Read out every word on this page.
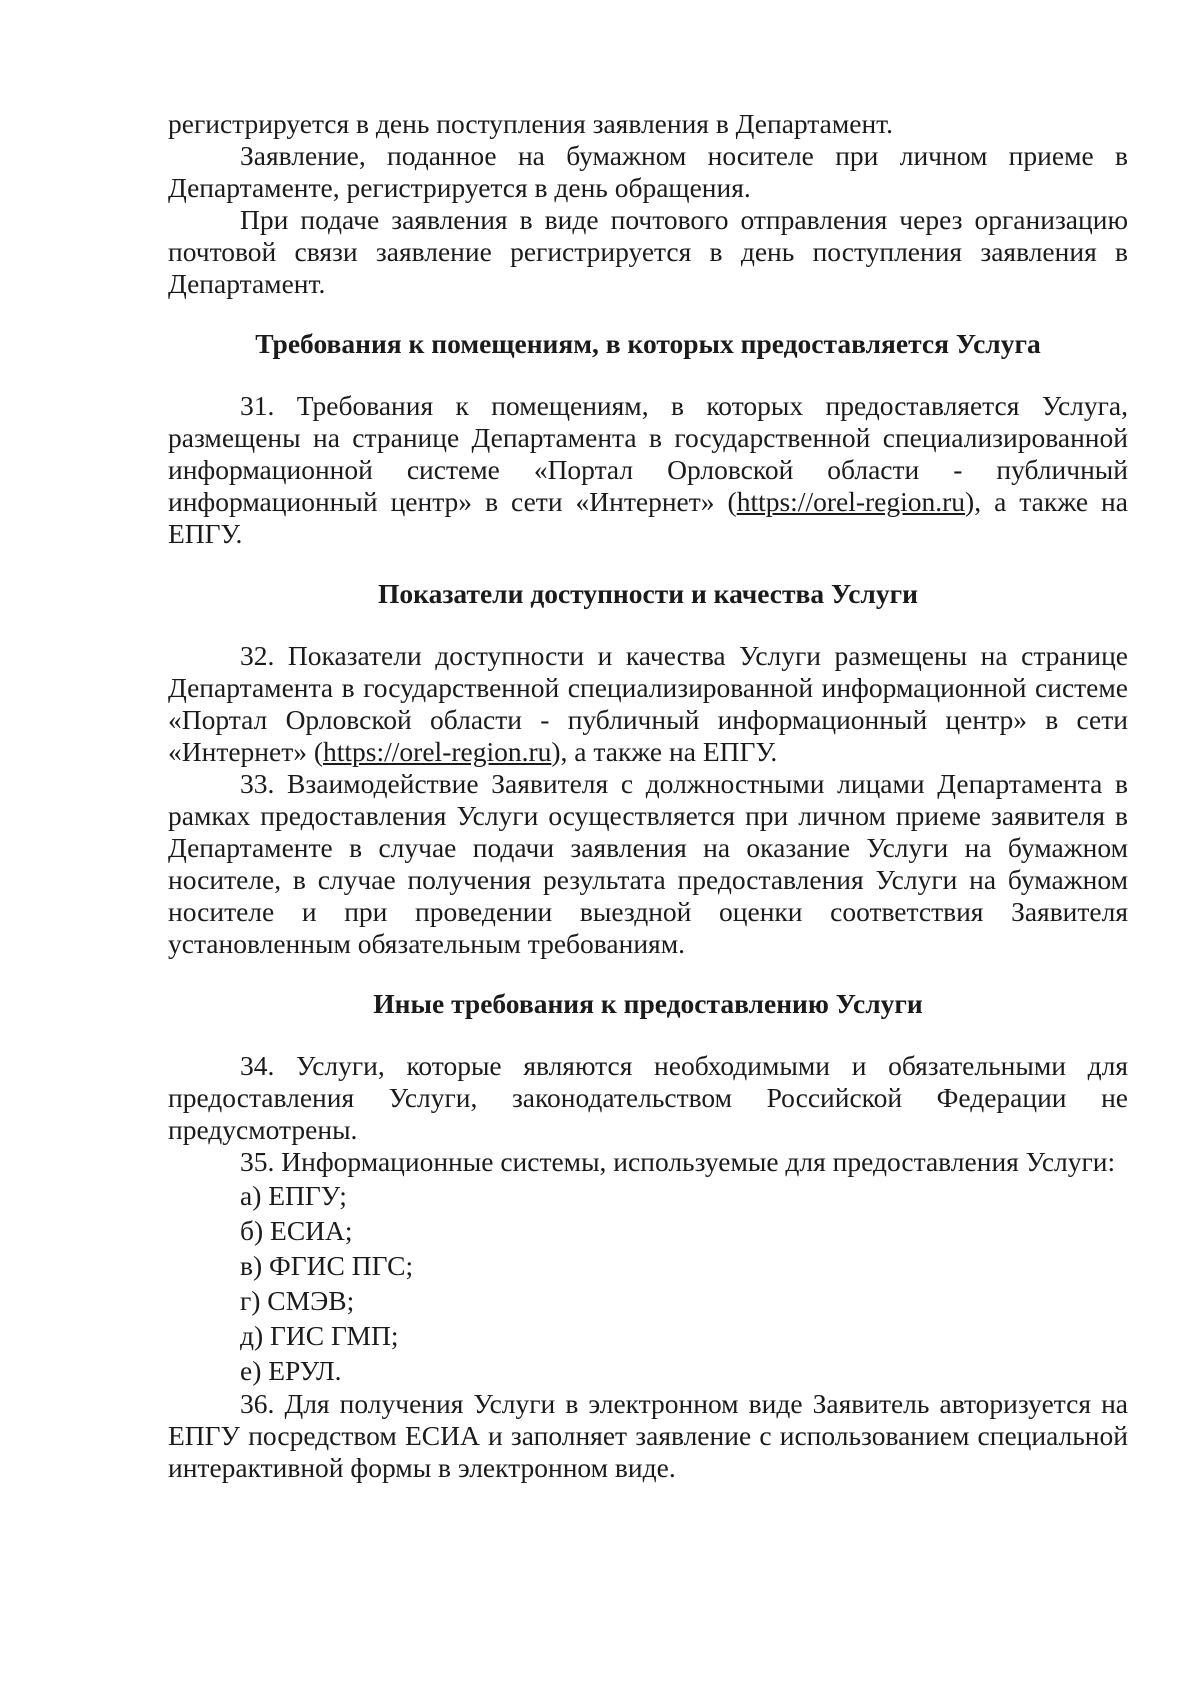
регистрируется в день поступления заявления в Департамент.

Заявление, поданное на бумажном носителе при личном приеме в Департаменте, регистрируется в день обращения.

При подаче заявления в виде почтового отправления через организацию почтовой связи заявление регистрируется в день поступления заявления в Департамент.

Требования к помещениям, в которых предоставляется Услуга

31. Требования к помещениям, в которых предоставляется Услуга, размещены на странице Департамента в государственной специализированной информационной системе «Портал Орловской области - публичный информационный центр» в сети «Интернет» (https://orel-region.ru), а также на ЕПГУ.

Показатели доступности и качества Услуги

32. Показатели доступности и качества Услуги размещены на странице Департамента в государственной специализированной информационной системе «Портал Орловской области - публичный информационный центр» в сети «Интернет» (https://orel-region.ru), а также на ЕПГУ.

33. Взаимодействие Заявителя с должностными лицами Департамента в рамках предоставления Услуги осуществляется при личном приеме заявителя в Департаменте в случае подачи заявления на оказание Услуги на бумажном носителе, в случае получения результата предоставления Услуги на бумажном носителе и при проведении выездной оценки соответствия Заявителя установленным обязательным требованиям.

Иные требования к предоставлению Услуги

34. Услуги, которые являются необходимыми и обязательными для предоставления Услуги, законодательством Российской Федерации не предусмотрены.

35. Информационные системы, используемые для предоставления Услуги:

а) ЕПГУ;

б) ЕСИА;

в) ФГИС ПГС;

г) СМЭВ;

д) ГИС ГМП;

е) ЕРУЛ.

36. Для получения Услуги в электронном виде Заявитель авторизуется на ЕПГУ посредством ЕСИА и заполняет заявление с использованием специальной интерактивной формы в электронном виде.
